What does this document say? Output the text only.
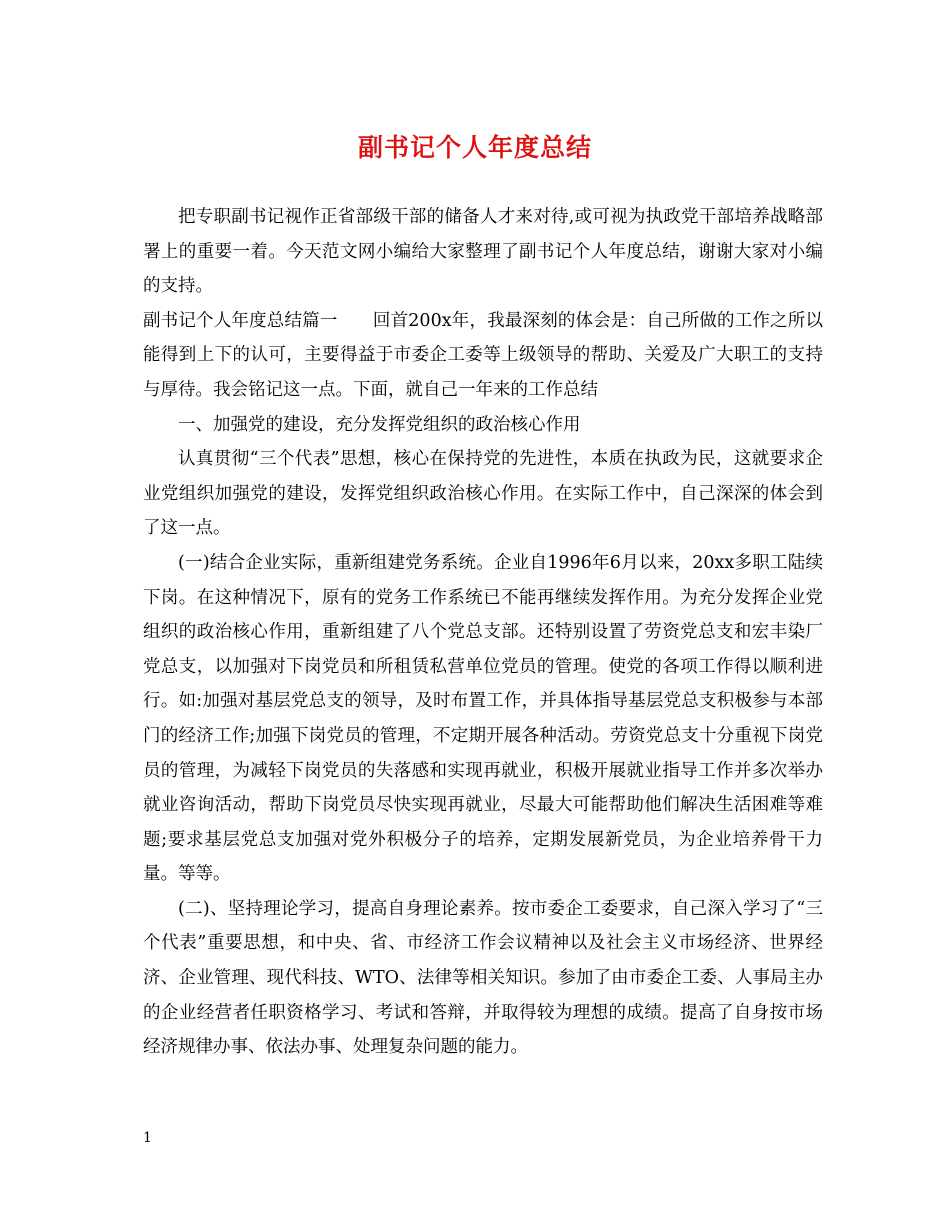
副书记个人年度总结

把专职副书记视作正省部级干部的储备人才来对待,或可视为执政党干部培养战略部署上的重要一着。今天范文网小编给大家整理了副书记个人年度总结，谢谢大家对小编的支持。

副书记个人年度总结篇一　　回首200x年，我最深刻的体会是：自己所做的工作之所以能得到上下的认可，主要得益于市委企工委等上级领导的帮助、关爱及广大职工的支持与厚待。我会铭记这一点。下面，就自己一年来的工作总结

一、加强党的建设，充分发挥党组织的政治核心作用

认真贯彻“三个代表”思想，核心在保持党的先进性，本质在执政为民，这就要求企业党组织加强党的建设，发挥党组织政治核心作用。在实际工作中，自己深深的体会到了这一点。

(一)结合企业实际，重新组建党务系统。企业自1996年6月以来，20xx多职工陆续下岗。在这种情况下，原有的党务工作系统已不能再继续发挥作用。为充分发挥企业党组织的政治核心作用，重新组建了八个党总支部。还特别设置了劳资党总支和宏丰染厂党总支，以加强对下岗党员和所租赁私营单位党员的管理。使党的各项工作得以顺利进行。如:加强对基层党总支的领导，及时布置工作，并具体指导基层党总支积极参与本部门的经济工作;加强下岗党员的管理，不定期开展各种活动。劳资党总支十分重视下岗党员的管理，为减轻下岗党员的失落感和实现再就业，积极开展就业指导工作并多次举办就业咨询活动，帮助下岗党员尽快实现再就业，尽最大可能帮助他们解决生活困难等难题;要求基层党总支加强对党外积极分子的培养，定期发展新党员，为企业培养骨干力量。等等。

(二)、坚持理论学习，提高自身理论素养。按市委企工委要求，自己深入学习了“三个代表”重要思想，和中央、省、市经济工作会议精神以及社会主义市场经济、世界经济、企业管理、现代科技、WTO、法律等相关知识。参加了由市委企工委、人事局主办的企业经营者任职资格学习、考试和答辩，并取得较为理想的成绩。提高了自身按市场经济规律办事、依法办事、处理复杂问题的能力。

1
